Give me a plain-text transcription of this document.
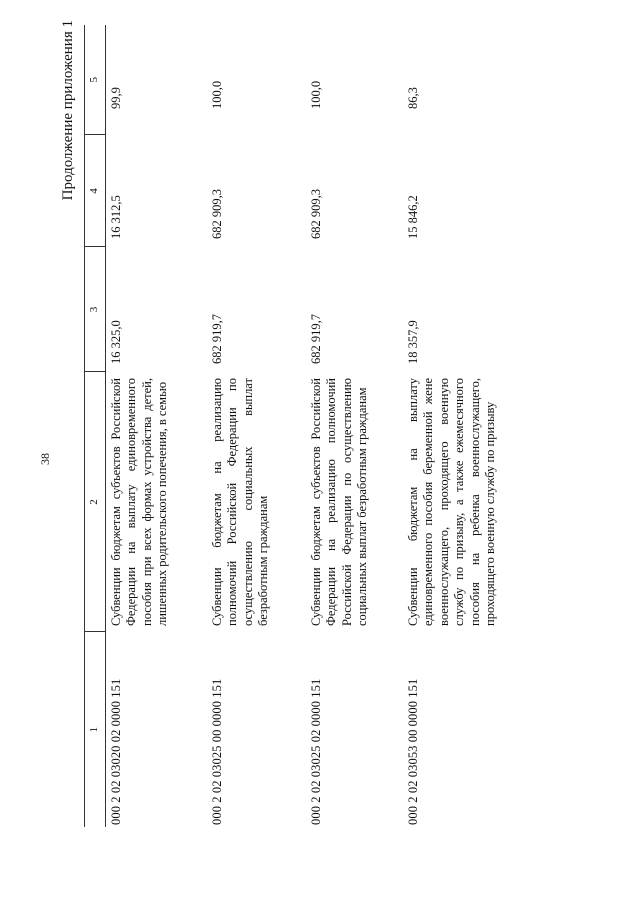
38
Продолжение приложения 1
1	2	3	4	5
000 2 02 03020 02 0000 151	Субвенции бюджетам субъектов Российской Федерации на выплату единовременного пособия при всех формах устройства детей, лишенных родительского попечения, в семью	16 325,0	16 312,5	99,9
000 2 02 03025 00 0000 151	Субвенции бюджетам на реализацию полномочий Российской Федерации по осуществлению социальных выплат безработным гражданам	682 919,7	682 909,3	100,0
000 2 02 03025 02 0000 151	Субвенции бюджетам субъектов Российской Федерации на реализацию полномочий Российской Федерации по осуществлению социальных выплат безработным гражданам	682 919,7	682 909,3	100,0
000 2 02 03053 00 0000 151	Субвенции бюджетам на выплату единовременного пособия беременной жене военнослужащего, проходящего военную службу по призыву, а также ежемесячного пособия на ребенка военнослужащего, проходящего военную службу по призыву	18 357,9	15 846,2	86,3
